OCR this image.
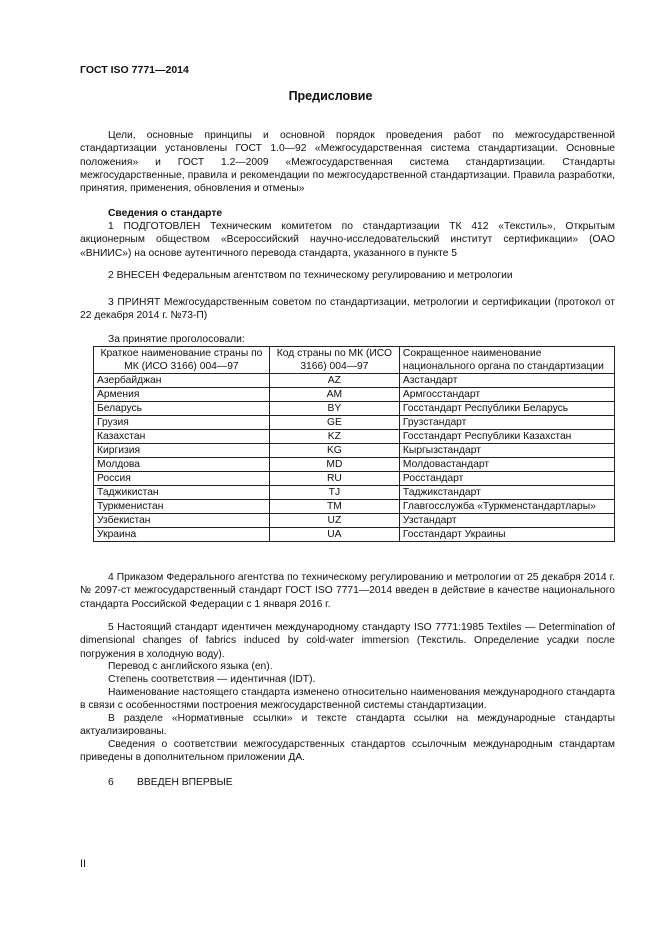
ГОСТ ISO 7771—2014
Предисловие
Цели, основные принципы и основной порядок проведения работ по межгосударственной стандартизации установлены ГОСТ 1.0—92 «Межгосударственная система стандартизации. Основные положения» и ГОСТ 1.2—2009 «Межгосударственная система стандартизации. Стандарты межгосударственные, правила и рекомендации по межгосударственной стандартизации. Правила разработки, принятия, применения, обновления и отмены»
Сведения о стандарте
1 ПОДГОТОВЛЕН Техническим комитетом по стандартизации ТК 412 «Текстиль», Открытым акционерным обществом «Всероссийский научно-исследовательский институт сертификации» (ОАО «ВНИИС») на основе аутентичного перевода стандарта, указанного в пункте 5
2 ВНЕСЕН Федеральным агентством по техническому регулированию и метрологии
3 ПРИНЯТ Межгосударственным советом по стандартизации, метрологии и сертификации (протокол от 22 декабря 2014 г. №73-П)
За принятие проголосовали:
Краткое наименование страны по МК (ИСО 3166) 004—97	Код страны по МК (ИСО 3166) 004—97	Сокращенное наименование национального органа по стандартизации
Азербайджан	AZ	Азстандарт
Армения	AM	Армгосстандарт
Беларусь	BY	Госстандарт Республики Беларусь
Грузия	GE	Грузстандарт
Казахстан	KZ	Госстандарт Республики Казахстан
Киргизия	KG	Кыргызстандарт
Молдова	MD	Молдовастандарт
Россия	RU	Росстандарт
Таджикистан	TJ	Таджикстандарт
Туркменистан	TM	Главгосслужба «Туркменстандартлары»
Узбекистан	UZ	Узстандарт
Украина	UA	Госстандарт Украины
4 Приказом Федерального агентства по техническому регулированию и метрологии от 25 декабря 2014 г. № 2097-ст межгосударственный стандарт ГОСТ ISO 7771—2014 введен в действие в качестве национального стандарта Российской Федерации с 1 января 2016 г.
5 Настоящий стандарт идентичен международному стандарту ISO 7771:1985 Textiles — Determination of dimensional changes of fabrics induced by cold-water immersion (Текстиль. Определение усадки после погружения в холодную воду).
Перевод с английского языка (en).
Степень соответствия — идентичная (IDT).
Наименование настоящего стандарта изменено относительно наименования международного стандарта в связи с особенностями построения межгосударственной системы стандартизации.
В разделе «Нормативные ссылки» и тексте стандарта ссылки на международные стандарты актуализированы.
Сведения о соответствии межгосударственных стандартов ссылочным международным стандартам приведены в дополнительном приложении ДА.
6 ВВЕДЕН ВПЕРВЫЕ
II
